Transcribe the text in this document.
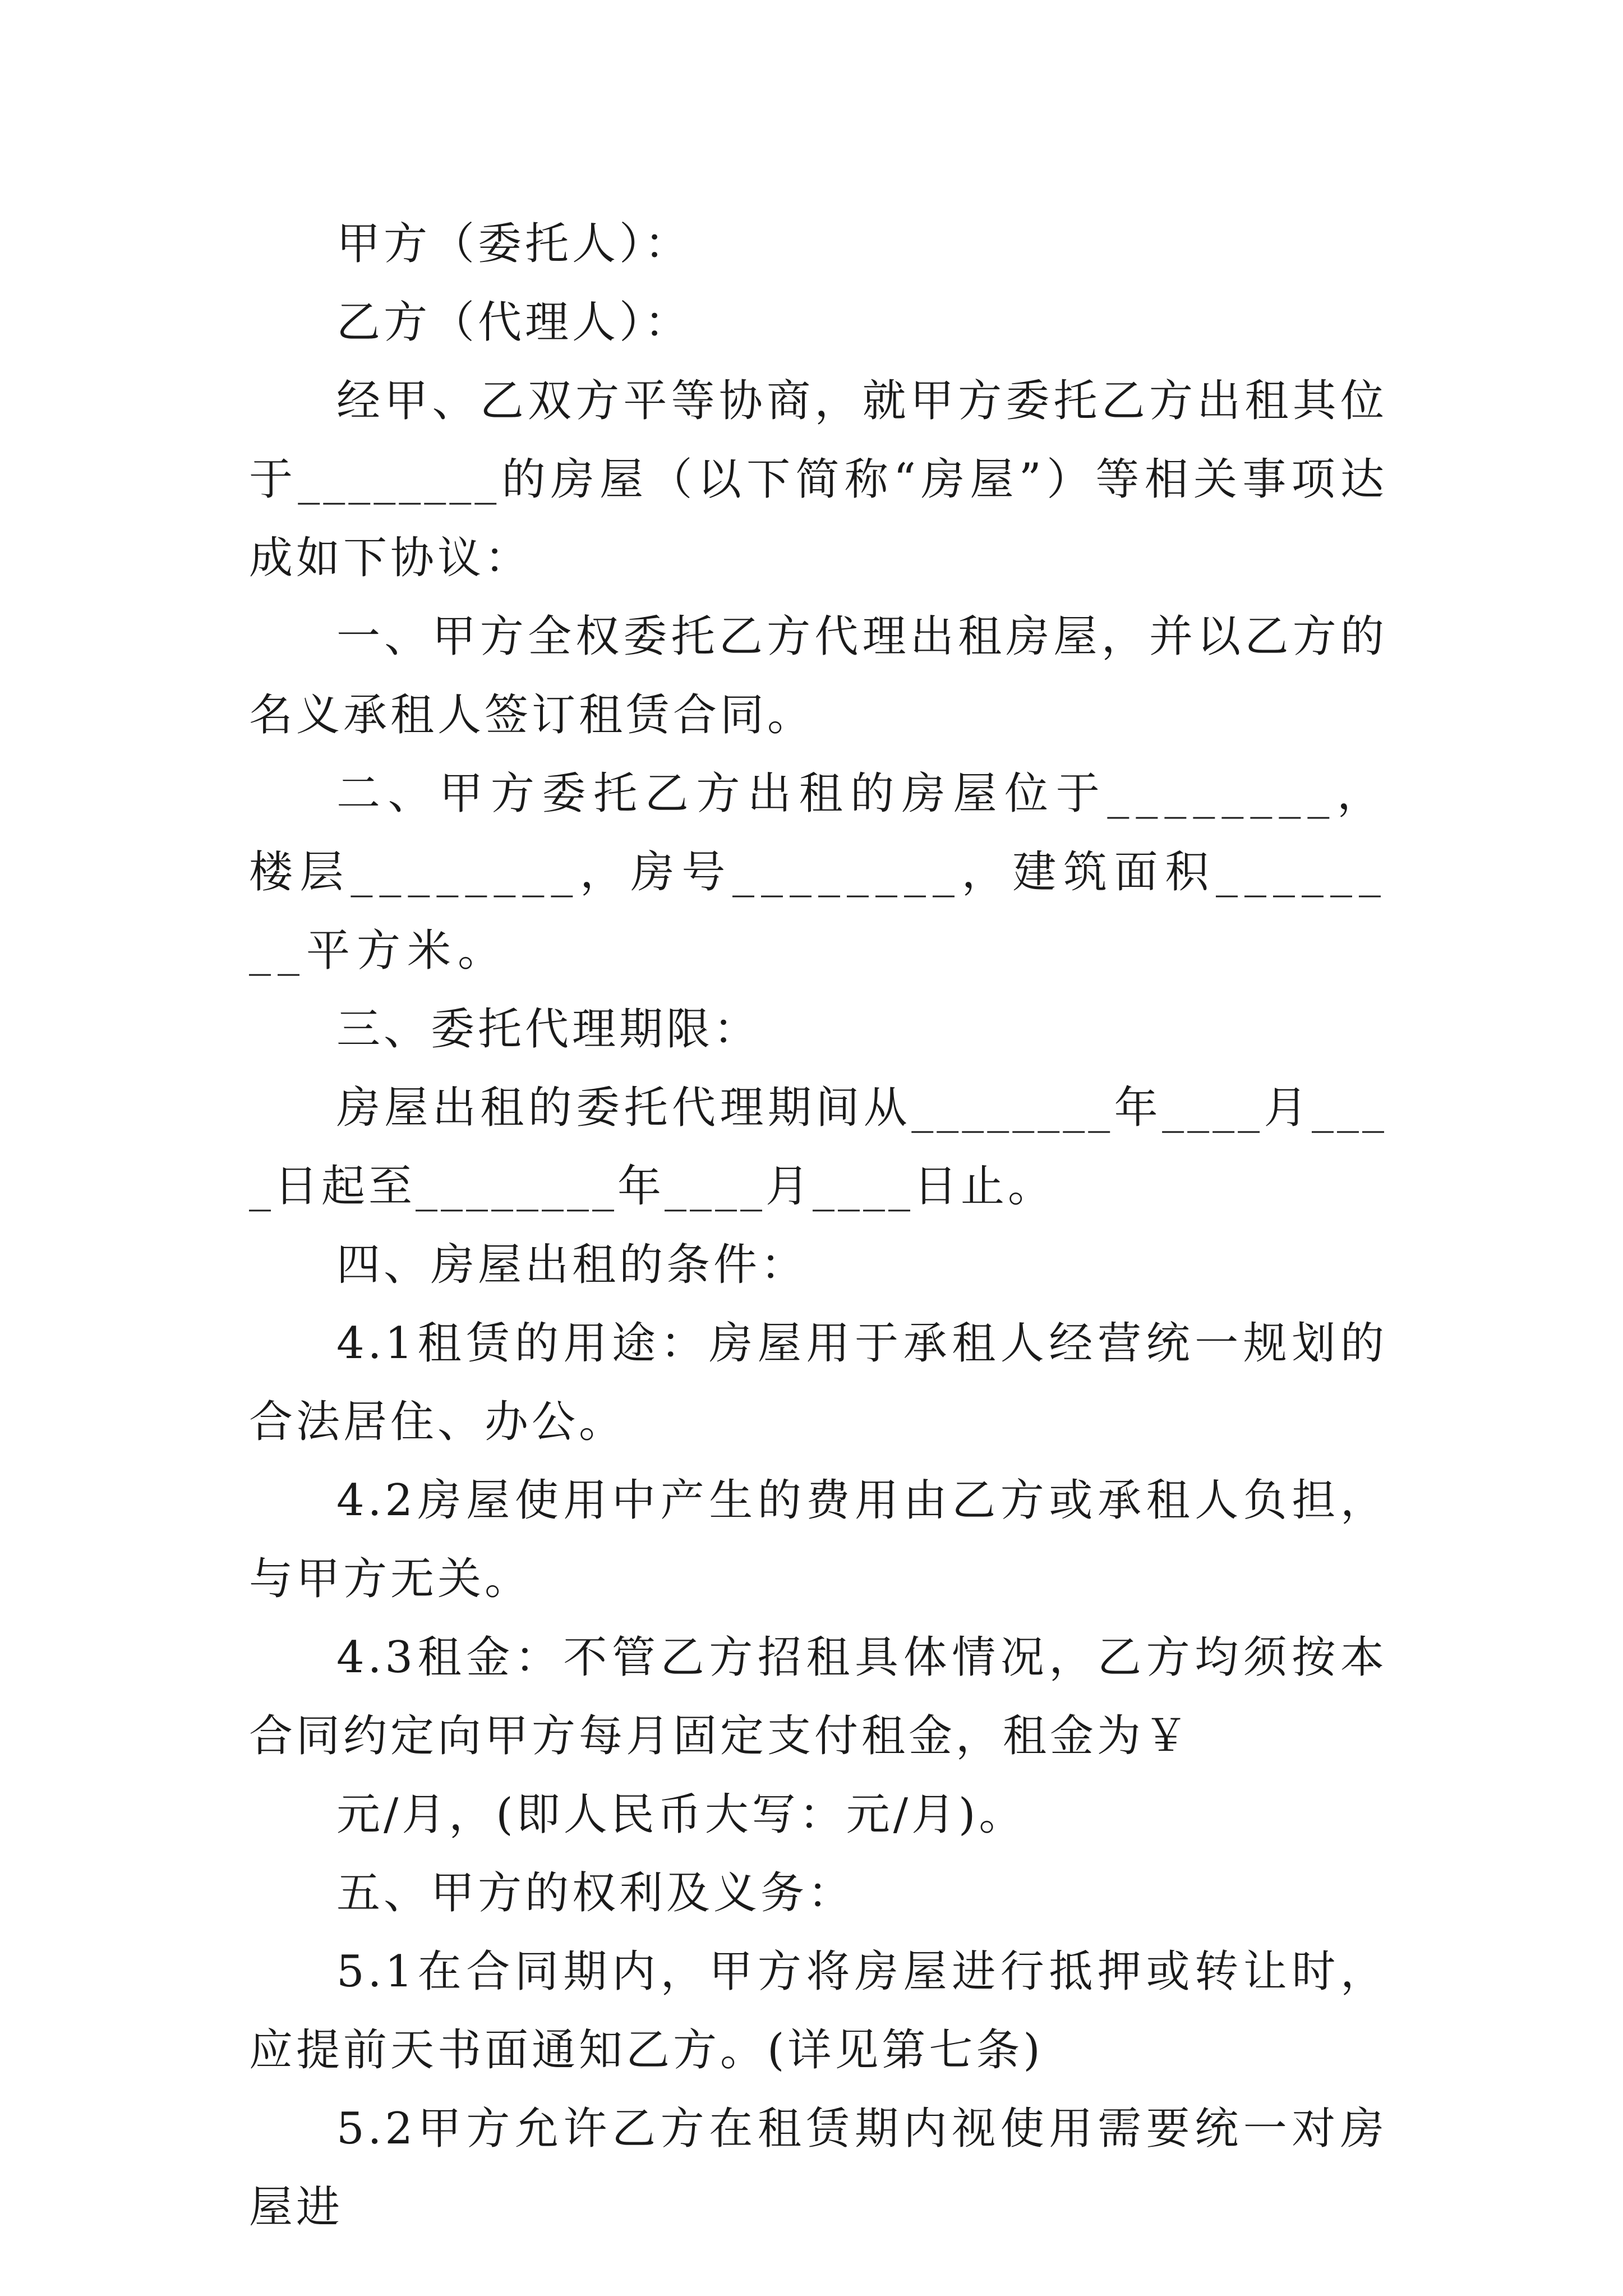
甲方（委托人）：

乙方（代理人）：

经甲、乙双方平等协商，就甲方委托乙方出租其位于________的房屋（以下简称“房屋”）等相关事项达成如下协议：

一、甲方全权委托乙方代理出租房屋，并以乙方的名义承租人签订租赁合同。

二、甲方委托乙方出租的房屋位于________，楼层________，房号________，建筑面积________平方米。

三、委托代理期限：

房屋出租的委托代理期间从________年____月____日起至________年____月____日止。

四、房屋出租的条件：

4.1租赁的用途：房屋用于承租人经营统一规划的合法居住、办公。

4.2房屋使用中产生的费用由乙方或承租人负担，与甲方无关。

4.3租金：不管乙方招租具体情况，乙方均须按本合同约定向甲方每月固定支付租金，租金为￥

元/月，(即人民币大写：元/月)。

五、甲方的权利及义务：

5.1在合同期内，甲方将房屋进行抵押或转让时，应提前天书面通知乙方。(详见第七条)

5.2甲方允许乙方在租赁期内视使用需要统一对房屋进
